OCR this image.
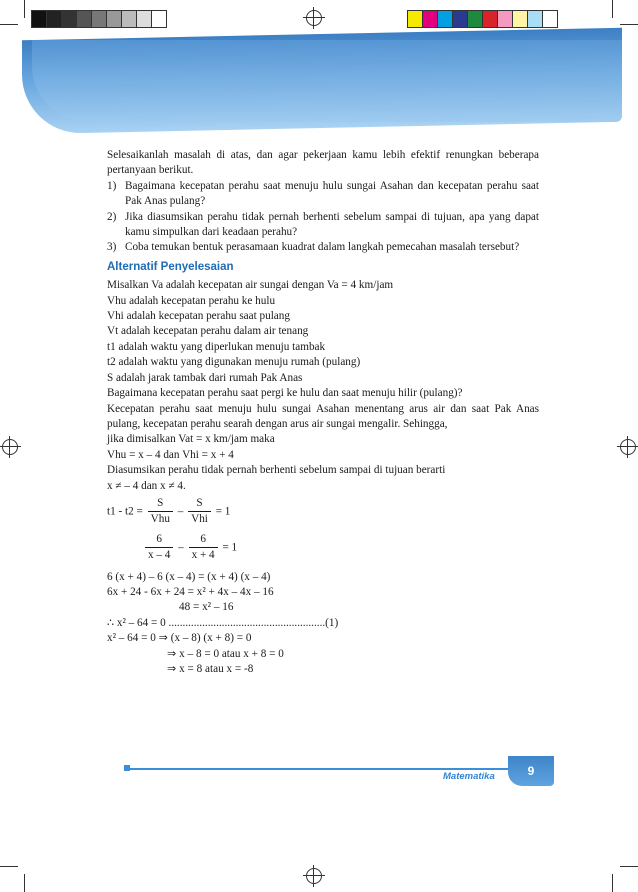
Selesaikanlah masalah di atas, dan agar pekerjaan kamu lebih efektif renungkan beberapa pertanyaan berikut.

1) Bagaimana kecepatan perahu saat menuju hulu sungai Asahan dan kecepatan perahu saat Pak Anas pulang?
2) Jika diasumsikan perahu tidak pernah berhenti sebelum sampai di tujuan, apa yang dapat kamu simpulkan dari keadaan perahu?
3) Coba temukan bentuk perasamaan kuadrat dalam langkah pemecahan masalah tersebut?
Alternatif Penyelesaian
Misalkan Va adalah kecepatan air sungai dengan Va = 4 km/jam
Vhu adalah kecepatan perahu ke hulu
Vhi adalah kecepatan perahu saat pulang
Vt adalah kecepatan perahu dalam air tenang
t1 adalah waktu yang diperlukan menuju tambak
t2 adalah waktu yang digunakan menuju rumah (pulang)
S adalah jarak tambak dari rumah Pak Anas

Bagaimana kecepatan perahu saat pergi ke hulu dan saat menuju hilir (pulang)?

Kecepatan perahu saat menuju hulu sungai Asahan menentang arus air dan saat Pak Anas pulang, kecepatan perahu searah dengan arus air sungai mengalir. Sehingga,

jika dimisalkan Vat = x km/jam maka
Vhu = x – 4 dan Vhi = x + 4
Diasumsikan perahu tidak pernah berhenti sebelum sampai di tujuan berarti
x ≠ – 4 dan x ≠ 4.
$t1 - t2 = \frac{S}{\text{Vhu}} - \frac{S}{\text{Vhi}} = 1$
$\frac{6}{x - 4} - \frac{6}{x + 4} = 1$
6 (x + 4) – 6 (x – 4) = (x + 4) (x – 4)
6x + 24 - 6x + 24 = x² + 4x – 4x – 16
48 = x² – 16
∴ x² – 64 = 0 ........................................................(1)
x² – 64 = 0 ⇒ (x – 8) (x + 8) = 0
⇒ x – 8 = 0 atau x + 8 = 0
⇒ x = 8 atau x = -8
Matematika	9
